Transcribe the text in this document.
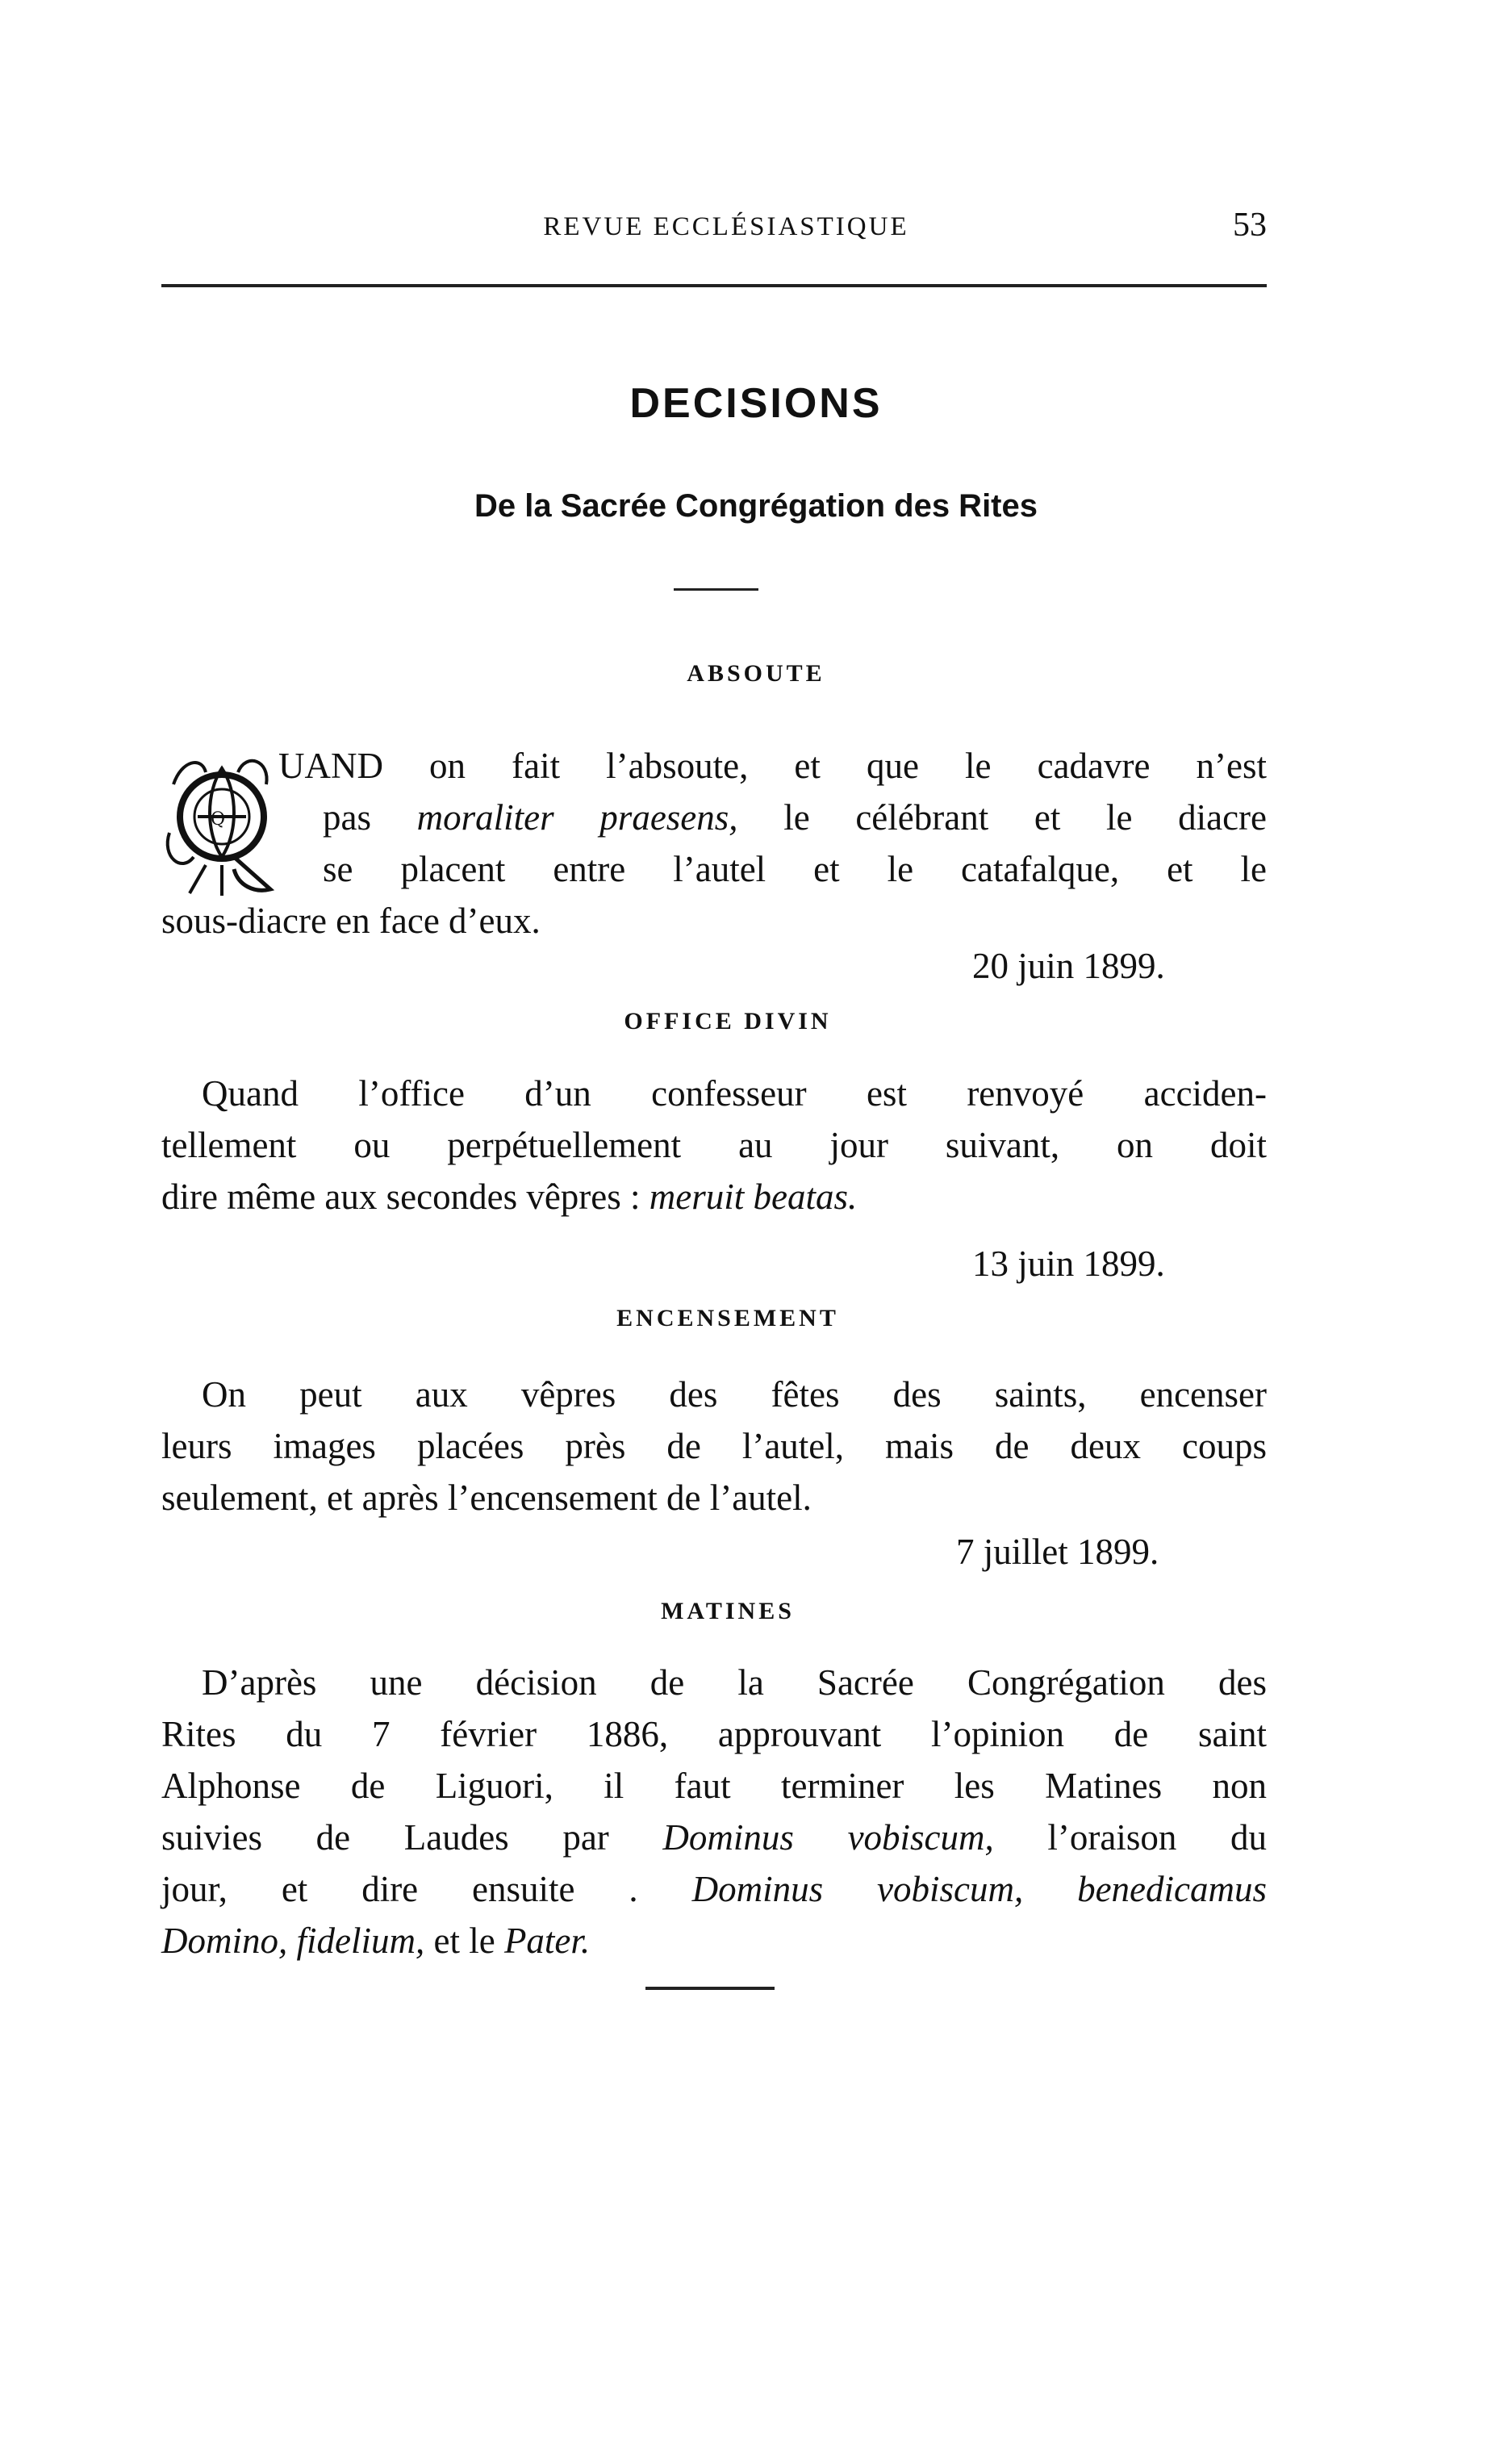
REVUE ECCLÉSIASTIQUE	53
DECISIONS
De la Sacrée Congrégation des Rites
ABSOUTE
Q
UAND on fait l’absoute, et que le cadavre n’est
pas moraliter praesens, le célébrant et le diacre
se placent entre l’autel et le catafalque, et le
sous-diacre en face d’eux.
20 juin 1899.
OFFICE DIVIN
Quand l’office d’un confesseur est renvoyé acciden-
tellement ou perpétuellement au jour suivant, on doit
dire même aux secondes vêpres : meruit beatas.
13 juin 1899.
ENCENSEMENT
On peut aux vêpres des fêtes des saints, encenser
leurs images placées près de l’autel, mais de deux coups
seulement, et après l’encensement de l’autel.
7 juillet 1899.
MATINES
D’après une décision de la Sacrée Congrégation des
Rites du 7 février 1886, approuvant l’opinion de saint
Alphonse de Liguori, il faut terminer les Matines non
suivies de Laudes par Dominus vobiscum, l’oraison du
jour, et dire ensuite . Dominus vobiscum, benedicamus
Domino, fidelium, et le Pater.
